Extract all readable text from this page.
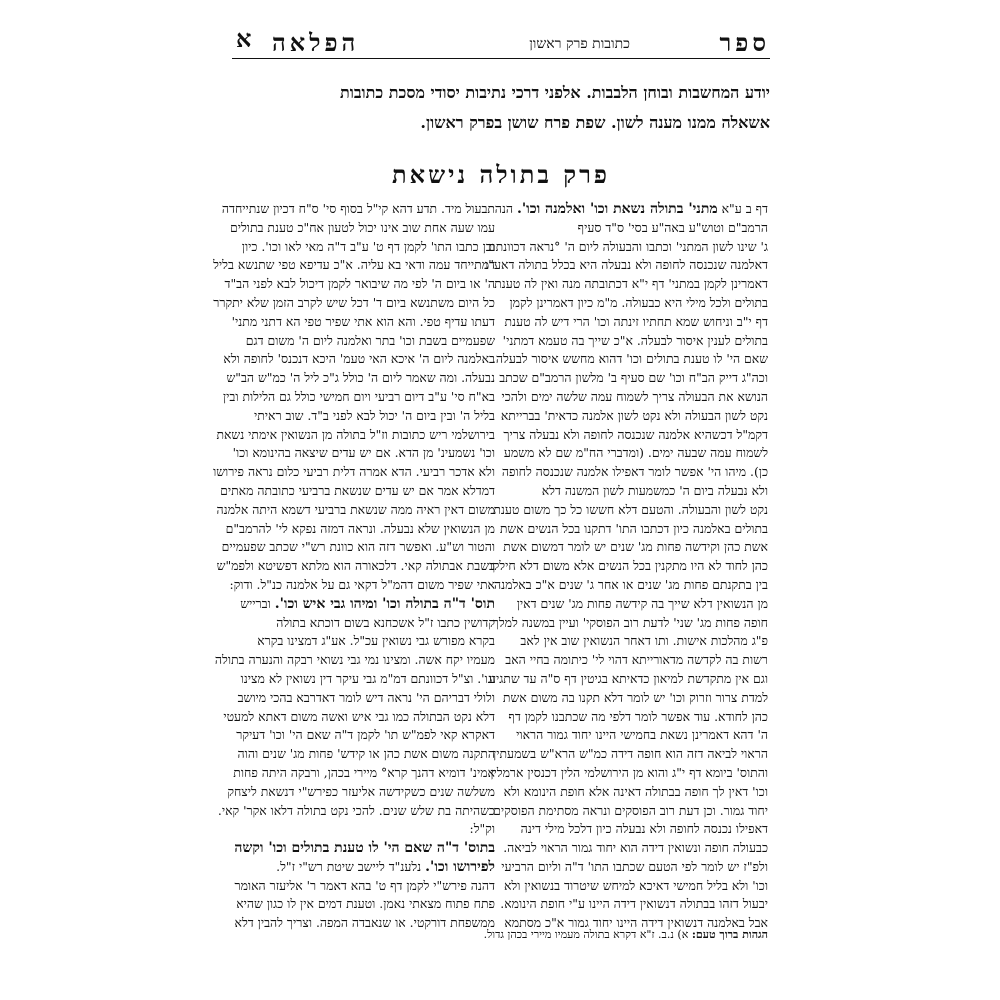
ספר
כתובות פרק ראשון
הפלאה
א
יודע המחשבות ובוחן הלבבות. אלפני דרכי נתיבות יסודי מסכת כתובות
אשאלה ממנו מענה לשון. שפת פרח שושן בפרק ראשון.
פרק בתולה נישאת
דף ב ע"א מתני' בתולה נשאת וכו' ואלמנה וכו'. הנה
הרמב"ם וטוש"ע באה"ע בסי' ס"ד סעיף
ג' שינו לשון המתני' וכתבו והבעולה ליום ה' °נראה דכוונתם
דאלמנה שנכנסה לחופה ולא נבעלה היא בכלל בתולה דאע"ג
דאמרינן לקמן במתני' דף י"א דכתובתה מנה ואין לה טענת
בתולים ולכל מילי היא כבעולה. מ"מ כיון דאמרינן לקמן
דף י"ב וניחוש שמא תחתיו זינתה וכו' הרי דיש לה טענת
בתולים לענין איסור לבעלה. א"כ שייך בה טעמא דמתני'
שאם הי' לו טענת בתולים וכו' דהוא מחשש איסור לבעלה.
וכה"ג דייק הב"ח וכו' שם סעיף ב' מלשון הרמב"ם שכתב
הנושא את הבעולה צריך לשמוח עמה שלשה ימים ולהכי
נקט לשון הבעולה ולא נקט לשון אלמנה כדאית' בברייתא
דקמ"ל דכשהיא אלמנה שנכנסה לחופה ולא נבעלה צריך
לשמוח עמה שבעה ימים. (ומדברי הח"מ שם לא משמע
כן). מיהו הי' אפשר לומר דאפילו אלמנה שנכנסה לחופה
ולא נבעלה ביום ה' כמשמעות לשון המשנה דלא
נקט לשון והבעולה. והטעם דלא חששו כל כך משום טענת
בתולים באלמנה כיון דכתבו התו' דתקנו בכל הנשים אשת
אשת כהן וקידשה פחות מג' שנים יש לומר דמשום אשת
כהן לחוד לא היו מתקנין בכל הנשים אלא משום דלא חילקו
בין בתקנתם פחות מג' שנים או אחר ג' שנים א"כ באלמנה
מן הנשואין דלא שייך בה קידשה פחות מג' שנים דאין
חופה פחות מג' שני' לדעת רוב הפוסקי' ועיין במשנה למלך
פ"ג מהלכות אישות. ותו דאחר הנשואין שוב אין לאב
רשות בה לקדשה מדאורייתא דהוי לי' כיתומה בחיי האב
וגם אין מתקדשת למיאון כדאיתא בגיטין דף ס"ה עד שתגיע
למדת צרור וזרוק וכו' יש לומר דלא תקנו בה משום אשת
כהן לחודא. עוד אפשר לומר דלפי מה שכתבנו לקמן דף
ה' דהא דאמרינן נשאת בחמישי היינו יחוד גמור הראוי
הראוי לביאה דזה הוא חופה דידה כמ"ש הרא"ש בשמעתין
והתוס' ביומא דף י"ג והוא מן הירושלמי הלין דכנסין ארמלין
וכו' דאין לך חופה בבתולה דאינה אלא חופת הינומא ולא
יחוד גמור. וכן דעת רוב הפוסקים ונראה מסתימת הפוסקים
דאפילו נכנסה לחופה ולא נבעלה כיון דלכל מילי דינה
כבעולה חופה ונשואין דידה הוא יחוד גמור הראוי לביאה.
ולפ"ז יש לומר לפי הטעם שכתבו התו' ד"ה וליום הרביעי
וכו' ולא בליל חמישי דאיכא למיחש שיטרוד בנשואין ולא
יבעול דזהו בבתולה דנשואין דידה היינו ע"י חופת הינומא.
אבל באלמנה דנשואין דידה היינו יחוד גמור א"כ מסתמא
תבעול מיד. תדע דהא קי"ל בסוף סי' ס"ח דכיון שנתייחדה
עמו שעה אחת שוב אינו יכול לטעון אח"כ טענת בתולים
וכן כתבו התו' לקמן דף ט' ע"ב ד"ה מאי לאו וכו'. כיון
דמתייחד עמה ודאי בא עליה. א"כ עדיפא טפי שתנשא בליל
ה' או ביום ה' לפי מה שיבואר לקמן דיכול לבא לפני הב"ד
כל היום משתנשא ביום ד' דכל שיש לקרב הזמן שלא יתקרר
דעתו עדיף טפי. והא הוא אתי שפיר טפי הא דתני מתני'
שפעמיים בשבת וכו' בתר ואלמנה ליום ה' משום דגם
באלמנה ליום ה' איכא האי טעמ' היכא דנכנס' לחופה ולא
נבעלה. ומה שאמר ליום ה' כולל ג"כ ליל ה' כמ"ש הב"ש
בא"ח סי' ע"ב דיום רביעי ויום חמישי כולל גם הלילות ובין
בליל ה' ובין ביום ה' יכול לבא לפני ב"ד. שוב ראיתי
בירושלמי ריש כתובות וז"ל בתולה מן הנשואין אימתי נשאת
וכו' נשמעינ' מן הדא. אם יש עדים שיצאה בהינומא וכו'
ולא אדכר רביעי. הדא אמרה דלית רביעי כלום נראה פירושו
דמדלא אמר אם יש עדים שנשאת ברביעי כתובתה מאתים
משום דאין ראיה ממה שנשאת ברביעי דשמא היתה אלמנה
מן הנשואין שלא נבעלה. ונראה דמזה נפקא לי' להרמב"ם
והטור וש"ע. ואפשר דזה הוא כוונת רש"י שכתב שפעמיים
בשבת אבתולה קאי. דלכאורה הוא מלתא דפשיטא ולפמ"ש
אתי שפיר משום דהמ"ל דקאי גם על אלמנה כנ"ל. ודוק:
תוס' ד"ה בתולה וכו' ומיהו גבי איש וכו'. וברייש
קדושין כתבו ז"ל אשכחנא בשום דוכתא בתולה
בקרא מפורש גבי נשואין עכ"ל. אע"ג דמצינו בקרא
מעמיו יקח אשה. ומצינו נמי גבי נשואי רבקה והנערה בתולה
וגו'. וצ"ל דכוונתם דמ"מ גבי עיקר דין נשואין לא מצינו
ולולי דבריהם הי' נראה דיש לומר דאדרבא בהכי מיושב
דלא נקט הבתולה כמו גבי איש ואשה משום דאתא למעטי
דאקרא קאי לפמ"ש תו' לקמן ד"ה שאם הי' וכו' דעיקר
התקנה משום אשת כהן או קידש' פחות מג' שנים והוה
אמינ' דומיא דהנך קרא° מיירי בכהן, ורבקה היתה פחות
משלשה שנים כשקידשה אליעזר כפירש"י דנשאת ליצחק
כשהיתה בת שלש שנים. להכי נקט בתולה דלאו אקר' קאי.
וק"ל:
בתוס' ד"ה שאם הי' לו טענת בתולים וכו' וקשה
לפירושו וכו'. נלענ"ד ליישב שיטת רש"י ז"ל.
דהנה פירש"י לקמן דף ט' בהא דאמר ר' אליעזר האומר
פתח פתוח מצאתי נאמן. וטענת דמים אין לו כגון שהיא
ממשפחת דורקטי. או שנאבדה המפה. וצריך להבין דלא
הגהות ברוך טעם: א) נ.ב. ז"א דקרא בתולה מעמיו מיירי בכהן גדול.
